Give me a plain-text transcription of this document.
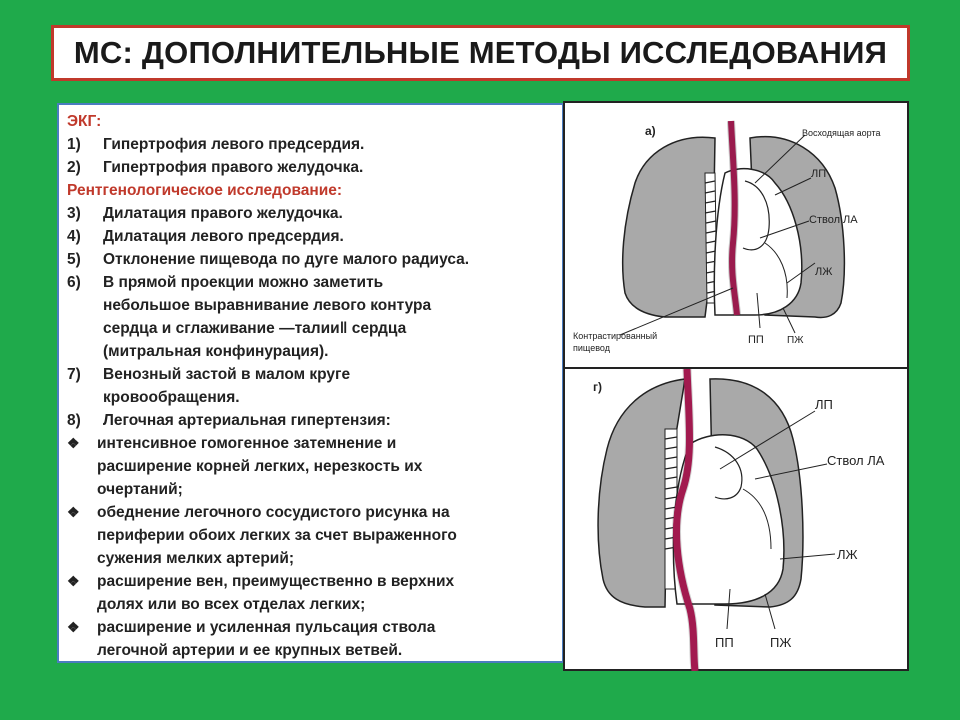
МС: ДОПОЛНИТЕЛЬНЫЕ МЕТОДЫ ИССЛЕДОВАНИЯ
ЭКГ:
1)	Гипертрофия левого предсердия.
2)	Гипертрофия правого желудочка.
Рентгенологическое исследование:
3)	Дилатация правого желудочка.
4)	Дилатация левого предсердия.
5)	Отклонение пищевода по дуге малого радиуса.
6)	В прямой проекции можно заметить
небольшое выравнивание левого контура
сердца и сглаживание —талии‖ сердца
(митральная конфинурация).
7)	Венозный застой в малом круге
кровообращения.
8)	Легочная артериальная гипертензия:
❖	интенсивное гомогенное затемнение и
расширение корней легких, нерезкость их
очертаний;
❖	обеднение легочного сосудистого рисунка на
периферии обоих легких за счет выраженного
сужения мелких артерий;
❖	расширение вен, преимущественно в верхних
долях или во всех отделах легких;
❖	расширение и усиленная пульсация ствола
легочной артерии и ее крупных ветвей.
а)	Восходящая аорта
ЛП
Ствол ЛА
ЛЖ
ПП ПЖ
Контрастированный
пищевод
г)
ЛП
Ствол ЛА
ЛЖ
ПП	ПЖ
